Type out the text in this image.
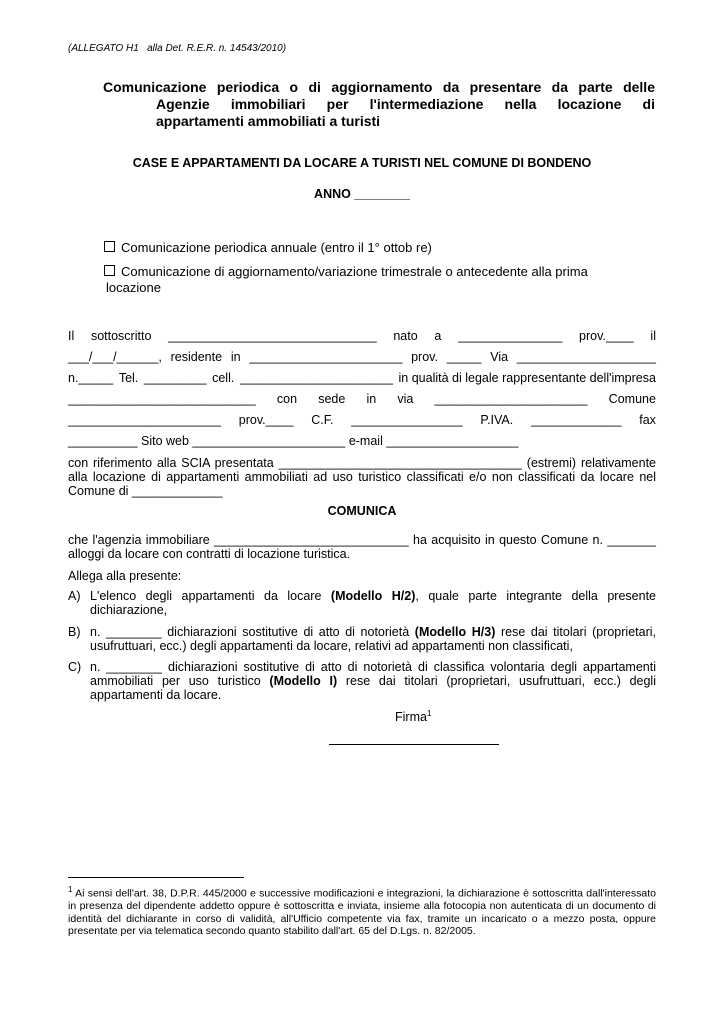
(ALLEGATO H1   alla Det. R.E.R. n. 14543/2010)
Comunicazione periodica o di aggiornamento da presentare da parte delle
Agenzie immobiliari per l'intermediazione nella locazione di
appartamenti ammobiliati a turisti
CASE E APPARTAMENTI DA LOCARE A TURISTI NEL COMUNE DI BONDENO
ANNO ________
Comunicazione periodica annuale (entro il 1° ottob re)
Comunicazione di aggiornamento/variazione trimestrale o antecedente alla prima
locazione
Il sottoscritto ______________________________ nato a _______________ prov.____ il
___/___/______, residente in ______________________ prov. _____ Via ____________________
n._____ Tel. _________ cell. ______________________ in qualità di legale rappresentante dell'impresa
___________________________ con sede in via ______________________ Comune
______________________ prov.____ C.F. ________________ P.IVA. _____________ fax
__________ Sito web ______________________ e-mail ___________________
con riferimento alla SCIA presentata ___________________________________ (estremi) relativamente alla locazione di appartamenti ammobiliati ad uso turistico classificati e/o non classificati da locare nel Comune di _____________
COMUNICA
che l'agenzia immobiliare ____________________________ ha acquisito in questo Comune n. _______ alloggi da locare con contratti di locazione turistica.
Allega alla presente:
A) L'elenco degli appartamenti da locare (Modello H/2), quale parte integrante della presente dichiarazione,
B) n. ________ dichiarazioni sostitutive di atto di notorietà (Modello H/3) rese dai titolari (proprietari, usufruttuari, ecc.) degli appartamenti da locare, relativi ad appartamenti non classificati,
C) n. ________ dichiarazioni sostitutive di atto di notorietà di classifica volontaria degli appartamenti ammobiliati per uso turistico (Modello I) rese dai titolari (proprietari, usufruttuari, ecc.) degli appartamenti da locare.
Firma$^1$
$^1$ Ai sensi dell'art. 38, D.P.R. 445/2000 e successive modificazioni e integrazioni, la dichiarazione è sottoscritta dall'interessato in presenza del dipendente addetto oppure è sottoscritta e inviata, insieme alla fotocopia non autenticata di un documento di identità del dichiarante in corso di validità, all'Ufficio competente via fax, tramite un incaricato o a mezzo posta, oppure presentate per via telematica secondo quanto stabilito dall'art. 65 del D.Lgs. n. 82/2005.
